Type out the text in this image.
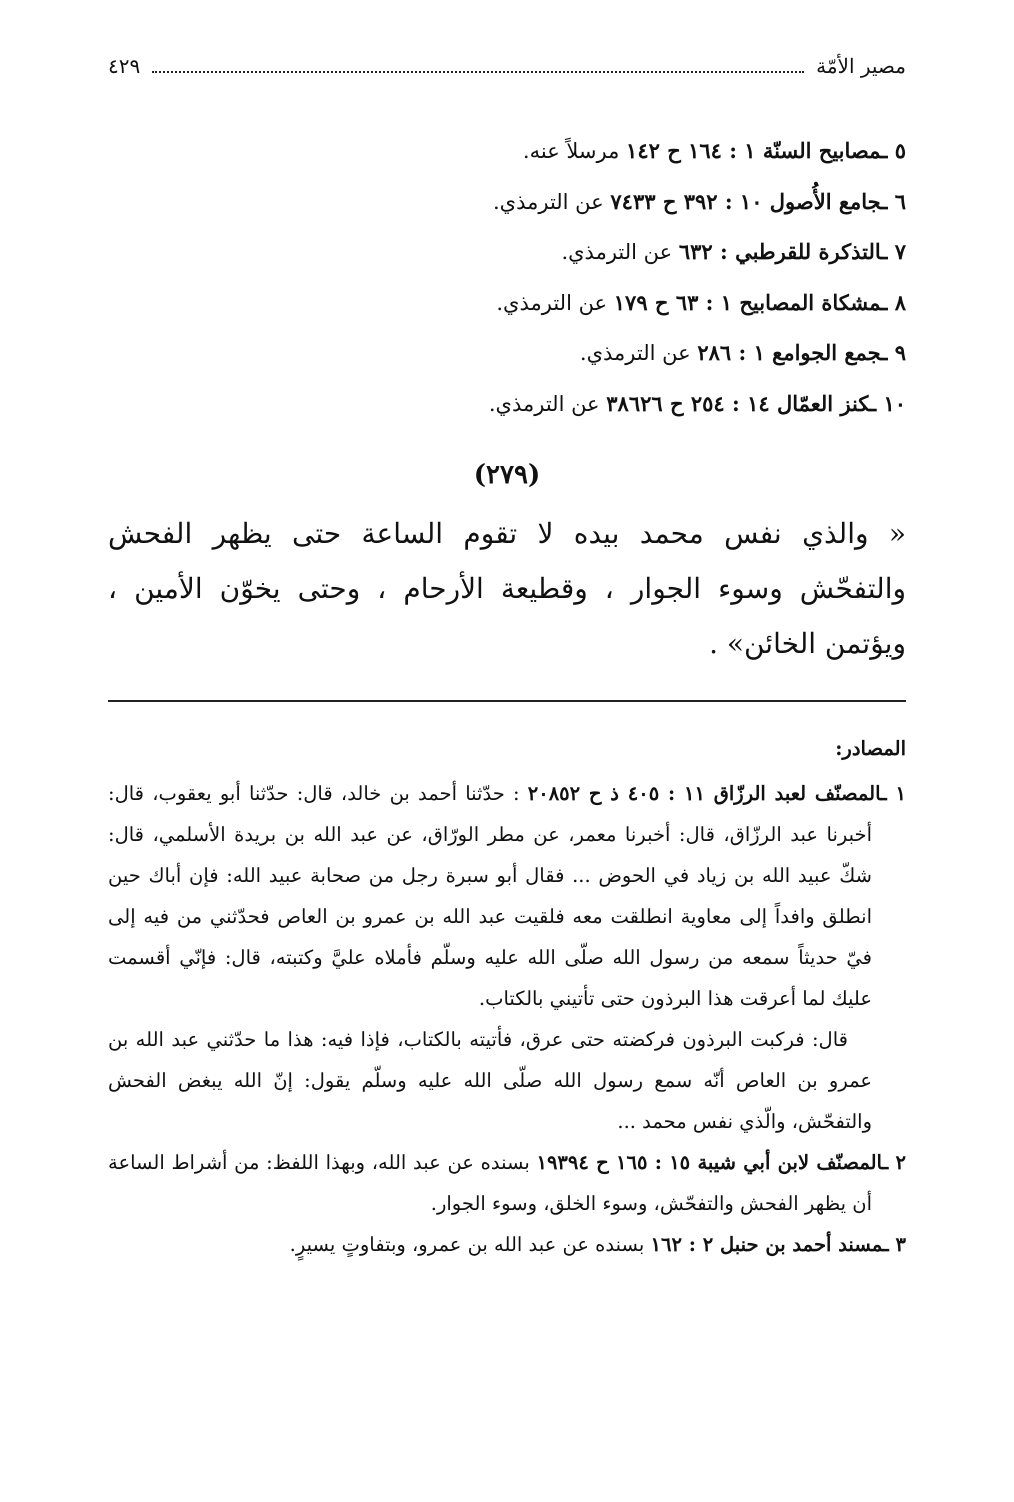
مصير الأمّة
٤٢٩
٥ ـمصابيح السنّة ١ : ١٦٤ ح ١٤٢ مرسلاً عنه.
٦ ـجامع الأُصول ١٠ : ٣٩٢ ح ٧٤٣٣ عن الترمذي.
٧ ـالتذكرة للقرطبي : ٦٣٢ عن الترمذي.
٨ ـمشكاة المصابيح ١ : ٦٣ ح ١٧٩ عن الترمذي.
٩ ـجمع الجوامع ١ : ٢٨٦ عن الترمذي.
١٠ ـكنز العمّال ١٤ : ٢٥٤ ح ٣٨٦٢٦ عن الترمذي.
(٢٧٩)

« والذي نفس محمد بيده لا تقوم الساعة حتى يظهر الفحش والتفحّش وسوء الجوار ، وقطيعة الأرحام ، وحتى يخوّن الأمين ، ويؤتمن الخائن» .

المصادر:

١ ـالمصنّف لعبد الرزّاق ١١ : ٤٠٥ ذ ح ٢٠٨٥٢ : حدّثنا أحمد بن خالد، قال: حدّثنا أبو يعقوب، قال: أخبرنا عبد الرزّاق، قال: أخبرنا معمر، عن مطر الورّاق، عن عبد الله بن بريدة الأسلمي، قال: شكّ عبيد الله بن زياد في الحوض ... فقال أبو سبرة رجل من صحابة عبيد الله: فإن أباك حين انطلق وافداً إلى معاوية انطلقت معه فلقيت عبد الله بن عمرو بن العاص فحدّثني من فيه إلى فيّ حديثاً سمعه من رسول الله صلّى الله عليه وسلّم فأملاه عليَّ وكتبته، قال: فإنّي أقسمت عليك لما أعرقت هذا البرذون حتى تأتيني بالكتاب.

قال: فركبت البرذون فركضته حتى عرق، فأتيته بالكتاب، فإذا فيه: هذا ما حدّثني عبد الله بن عمرو بن العاص أنّه سمع رسول الله صلّى الله عليه وسلّم يقول: إنّ الله يبغض الفحش والتفحّش، والّذي نفس محمد ...

٢ ـالمصنّف لابن أبي شيبة ١٥ : ١٦٥ ح ١٩٣٩٤ بسنده عن عبد الله، وبهذا اللفظ: من أشراط الساعة أن يظهر الفحش والتفحّش، وسوء الخلق، وسوء الجوار.

٣ ـمسند أحمد بن حنبل ٢ : ١٦٢ بسنده عن عبد الله بن عمرو، وبتفاوتٍ يسيرٍ.
